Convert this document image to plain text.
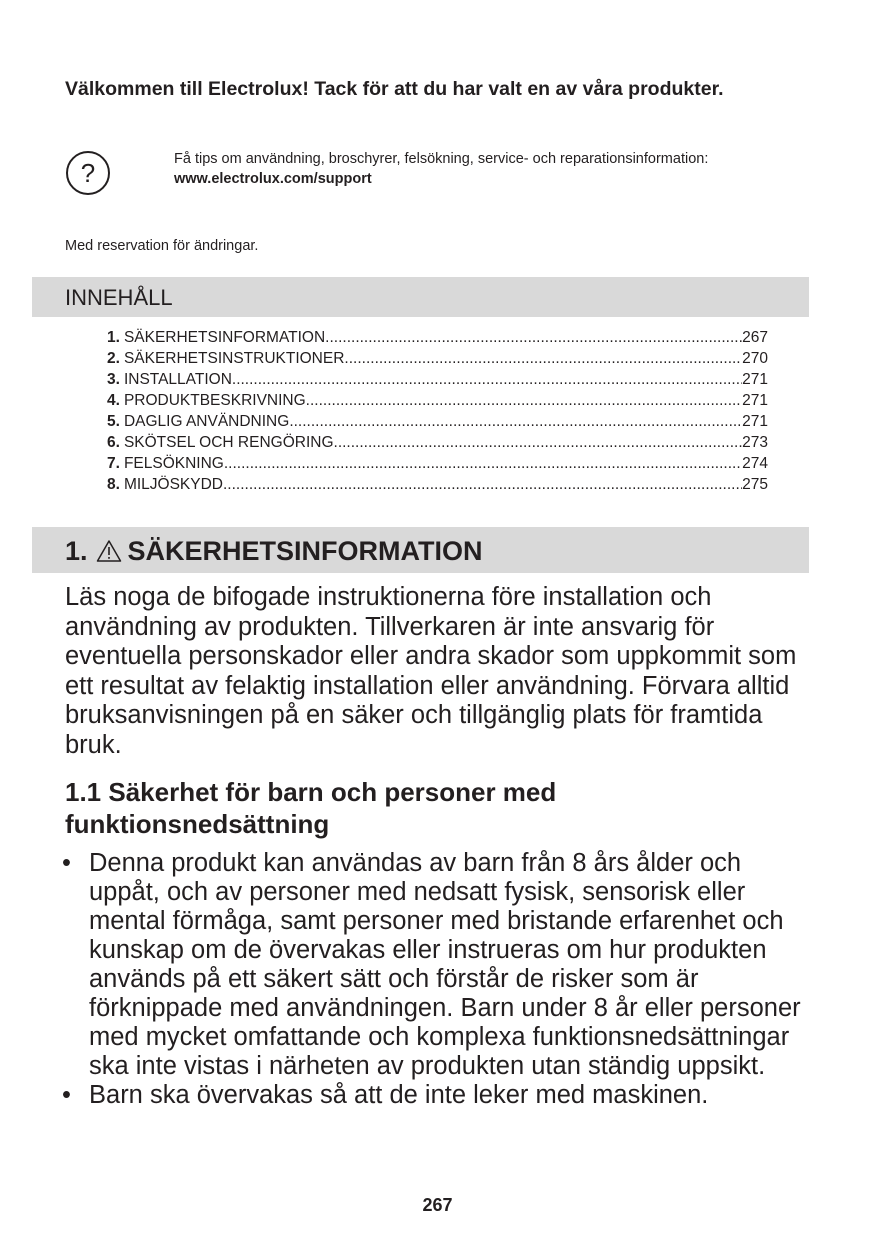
Välkommen till Electrolux! Tack för att du har valt en av våra produkter.
?	Få tips om användning, broschyrer, felsökning, service- och reparationsinformation:
www.electrolux.com/support
Med reservation för ändringar.
INNEHÅLL
1. SÄKERHETSINFORMATION .....	267
2. SÄKERHETSINSTRUKTIONER .....	270
3. INSTALLATION .....	271
4. PRODUKTBESKRIVNING .....	271
5. DAGLIG ANVÄNDNING .....	271
6. SKÖTSEL OCH RENGÖRING .....	273
7. FELSÖKNING .....	274
8. MILJÖSKYDD .....	275
1. SÄKERHETSINFORMATION
Läs noga de bifogade instruktionerna före installation och användning av produkten. Tillverkaren är inte ansvarig för eventuella personskador eller andra skador som uppkommit som ett resultat av felaktig installation eller användning. Förvara alltid bruksanvisningen på en säker och tillgänglig plats för framtida bruk.
1.1 Säkerhet för barn och personer med funktionsnedsättning
• Denna produkt kan användas av barn från 8 års ålder och uppåt, och av personer med nedsatt fysisk, sensorisk eller mental förmåga, samt personer med bristande erfarenhet och kunskap om de övervakas eller instrueras om hur produkten används på ett säkert sätt och förstår de risker som är förknippade med användningen. Barn under 8 år eller personer med mycket omfattande och komplexa funktionsnedsättningar ska inte vistas i närheten av produkten utan ständig uppsikt.
• Barn ska övervakas så att de inte leker med maskinen.
267
